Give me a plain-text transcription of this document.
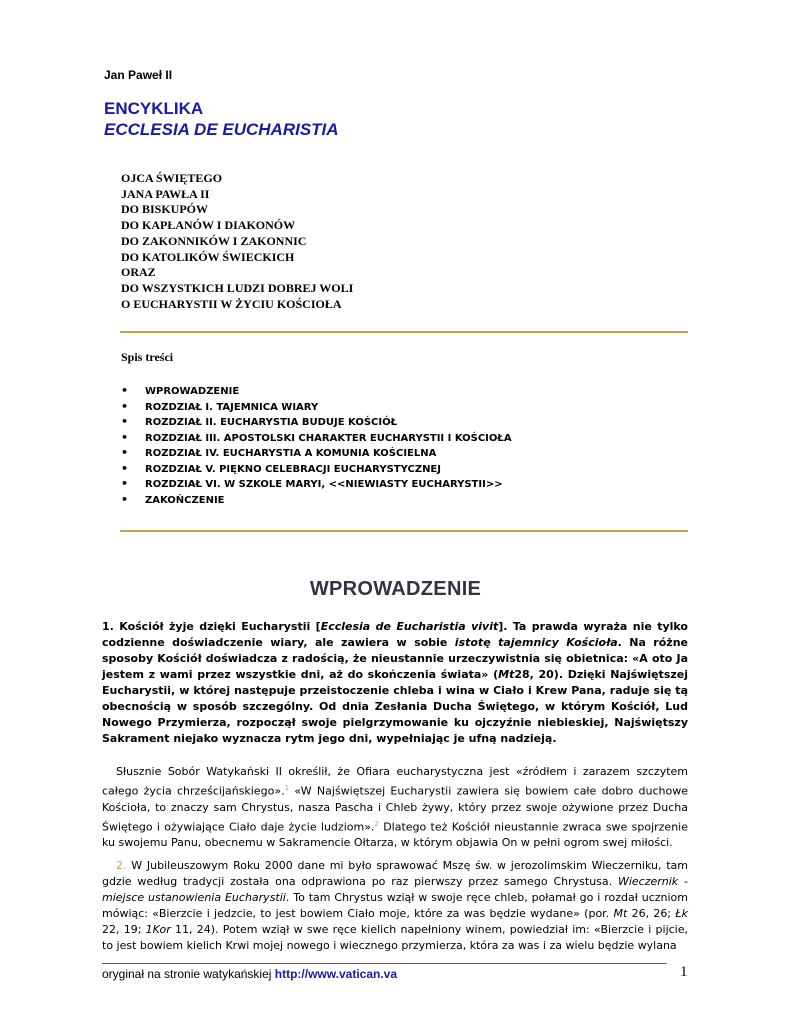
Jan Paweł II
ENCYKLIKA
ECCLESIA DE EUCHARISTIA
OJCA ŚWIĘTEGO
JANA PAWŁA II
DO BISKUPÓW
DO KAPŁANÓW I DIAKONÓW
DO ZAKONNIKÓW I ZAKONNIC
DO KATOLIKÓW ŚWIECKICH
ORAZ
DO WSZYSTKICH LUDZI DOBREJ WOLI
O EUCHARYSTII W ŻYCIU KOŚCIOŁA
Spis treści
• WPROWADZENIE
• ROZDZIAŁ I. TAJEMNICA WIARY
• ROZDZIAŁ II. EUCHARYSTIA BUDUJE KOŚCIÓŁ
• ROZDZIAŁ III. APOSTOLSKI CHARAKTER EUCHARYSTII I KOŚCIOŁA
• ROZDZIAŁ IV. EUCHARYSTIA A KOMUNIA KOŚCIELNA
• ROZDZIAŁ V. PIĘKNO CELEBRACJI EUCHARYSTYCZNEJ
• ROZDZIAŁ VI. W SZKOLE MARYI, <<NIEWIASTY EUCHARYSTII>>
• ZAKOŃCZENIE
WPROWADZENIE
1. Kościół żyje dzięki Eucharystii [Ecclesia de Eucharistia vivit]. Ta prawda wyraża nie tylko codzienne doświadczenie wiary, ale zawiera w sobie istotę tajemnicy Kościoła. Na różne sposoby Kościół doświadcza z radością, że nieustannie urzeczywistnia się obietnica: «A oto Ja jestem z wami przez wszystkie dni, aż do skończenia świata» (Mt28, 20). Dzięki Najświętszej Eucharystii, w której następuje przeistoczenie chleba i wina w Ciało i Krew Pana, raduje się tą obecnością w sposób szczególny. Od dnia Zesłania Ducha Świętego, w którym Kościół, Lud Nowego Przymierza, rozpoczął swoje pielgrzymowanie ku ojczyźnie niebieskiej, Najświętszy Sakrament niejako wyznacza rytm jego dni, wypełniając je ufną nadzieją.
Słusznie Sobór Watykański II określił, że Ofiara eucharystyczna jest «źródłem i zarazem szczytem całego życia chrześcijańskiego».$^1$ «W Najświętszej Eucharystii zawiera się bowiem całe dobro duchowe Kościoła, to znaczy sam Chrystus, nasza Pascha i Chleb żywy, który przez swoje ożywione przez Ducha Świętego i ożywiające Ciało daje życie ludziom».$^2$ Dlatego też Kościół nieustannie zwraca swe spojrzenie ku swojemu Panu, obecnemu w Sakramencie Ołtarza, w którym objawia On w pełni ogrom swej miłości.
2. W Jubileuszowym Roku 2000 dane mi było sprawować Mszę św. w jerozolimskim Wieczerniku, tam gdzie według tradycji została ona odprawiona po raz pierwszy przez samego Chrystusa. Wieczernik - miejsce ustanowienia Eucharystii. To tam Chrystus wziął w swoje ręce chleb, połamał go i rozdał uczniom mówiąc: «Bierzcie i jedzcie, to jest bowiem Ciało moje, które za was będzie wydane» (por. Mt 26, 26; Łk 22, 19; 1Kor 11, 24). Potem wziął w swe ręce kielich napełniony winem, powiedział im: «Bierzcie i pijcie, to jest bowiem kielich Krwi mojej nowego i wiecznego przymierza, która za was i za wielu będzie wylana
oryginał na stronie watykańskiej http://www.vatican.va	1
